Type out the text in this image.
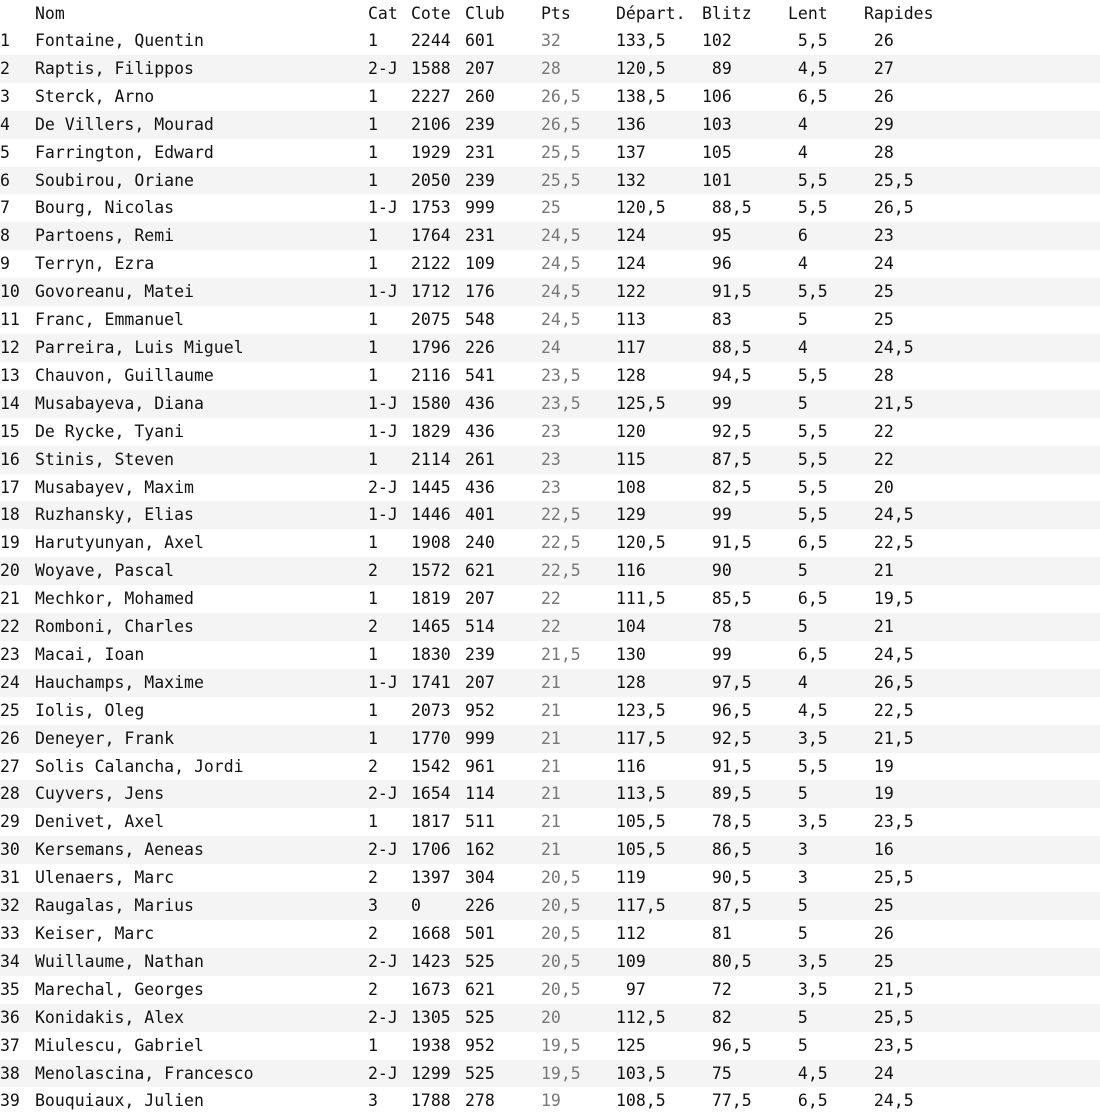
	Nom	Cat	Cote	Club	Pts	Départ.	Blitz	Lent	Rapides
1	Fontaine, Quentin	1	2244	601	32	133,5	102	5,5	26
2	Raptis, Filippos	2-J	1588	207	28	120,5	89	4,5	27
3	Sterck, Arno	1	2227	260	26,5	138,5	106	6,5	26
4	De Villers, Mourad	1	2106	239	26,5	136	103	4	29
5	Farrington, Edward	1	1929	231	25,5	137	105	4	28
6	Soubirou, Oriane	1	2050	239	25,5	132	101	5,5	25,5
7	Bourg, Nicolas	1-J	1753	999	25	120,5	88,5	5,5	26,5
8	Partoens, Remi	1	1764	231	24,5	124	95	6	23
9	Terryn, Ezra	1	2122	109	24,5	124	96	4	24
10	Govoreanu, Matei	1-J	1712	176	24,5	122	91,5	5,5	25
11	Franc, Emmanuel	1	2075	548	24,5	113	83	5	25
12	Parreira, Luis Miguel	1	1796	226	24	117	88,5	4	24,5
13	Chauvon, Guillaume	1	2116	541	23,5	128	94,5	5,5	28
14	Musabayeva, Diana	1-J	1580	436	23,5	125,5	99	5	21,5
15	De Rycke, Tyani	1-J	1829	436	23	120	92,5	5,5	22
16	Stinis, Steven	1	2114	261	23	115	87,5	5,5	22
17	Musabayev, Maxim	2-J	1445	436	23	108	82,5	5,5	20
18	Ruzhansky, Elias	1-J	1446	401	22,5	129	99	5,5	24,5
19	Harutyunyan, Axel	1	1908	240	22,5	120,5	91,5	6,5	22,5
20	Woyave, Pascal	2	1572	621	22,5	116	90	5	21
21	Mechkor, Mohamed	1	1819	207	22	111,5	85,5	6,5	19,5
22	Romboni, Charles	2	1465	514	22	104	78	5	21
23	Macai, Ioan	1	1830	239	21,5	130	99	6,5	24,5
24	Hauchamps, Maxime	1-J	1741	207	21	128	97,5	4	26,5
25	Iolis, Oleg	1	2073	952	21	123,5	96,5	4,5	22,5
26	Deneyer, Frank	1	1770	999	21	117,5	92,5	3,5	21,5
27	Solis Calancha, Jordi	2	1542	961	21	116	91,5	5,5	19
28	Cuyvers, Jens	2-J	1654	114	21	113,5	89,5	5	19
29	Denivet, Axel	1	1817	511	21	105,5	78,5	3,5	23,5
30	Kersemans, Aeneas	2-J	1706	162	21	105,5	86,5	3	16
31	Ulenaers, Marc	2	1397	304	20,5	119	90,5	3	25,5
32	Raugalas, Marius	3	0	226	20,5	117,5	87,5	5	25
33	Keiser, Marc	2	1668	501	20,5	112	81	5	26
34	Wuillaume, Nathan	2-J	1423	525	20,5	109	80,5	3,5	25
35	Marechal, Georges	2	1673	621	20,5	97	72	3,5	21,5
36	Konidakis, Alex	2-J	1305	525	20	112,5	82	5	25,5
37	Miulescu, Gabriel	1	1938	952	19,5	125	96,5	5	23,5
38	Menolascina, Francesco	2-J	1299	525	19,5	103,5	75	4,5	24
39	Bouquiaux, Julien	3	1788	278	19	108,5	77,5	6,5	24,5
